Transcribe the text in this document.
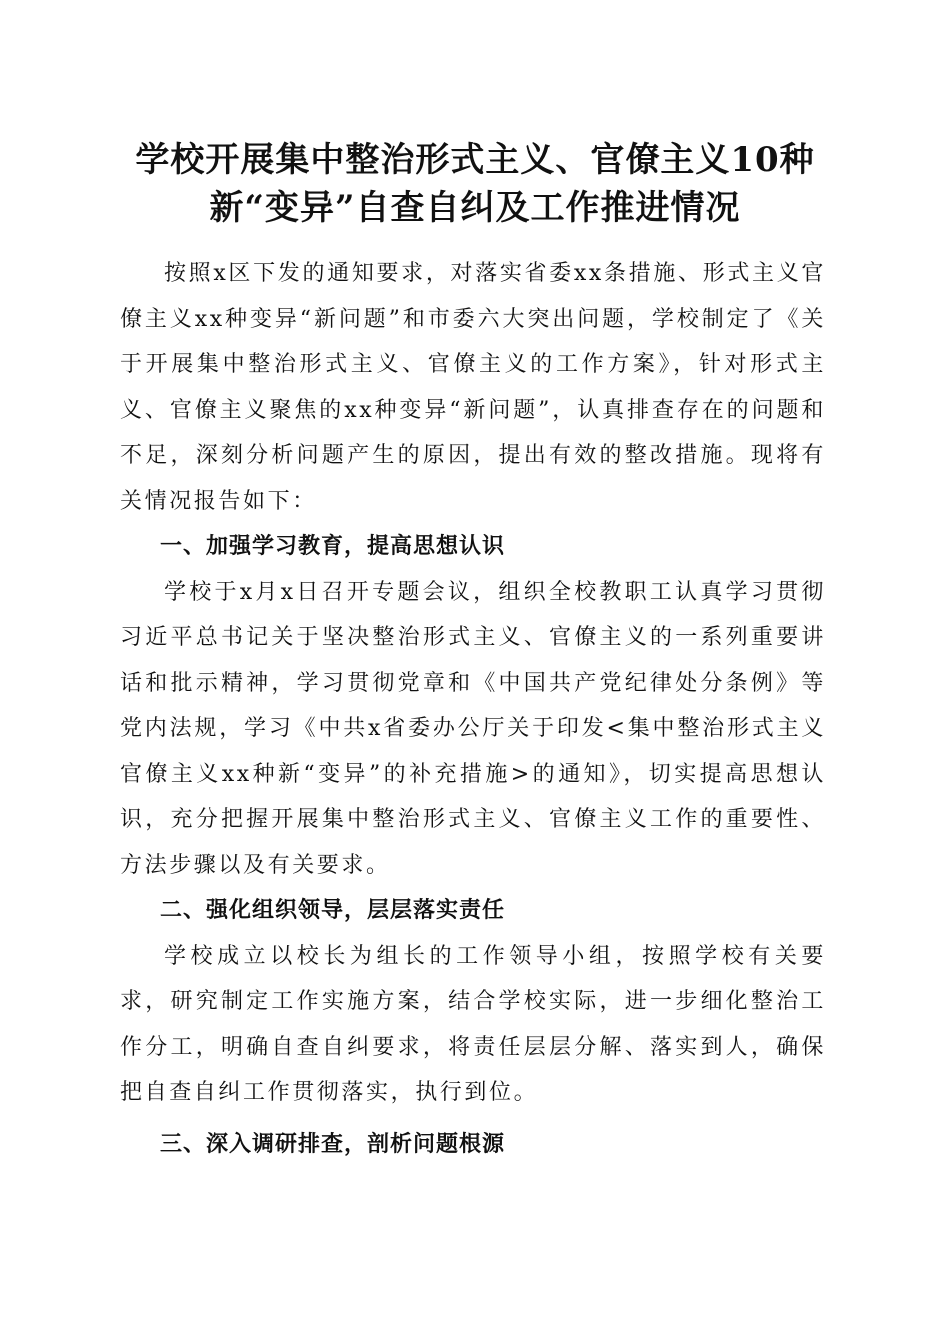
学校开展集中整治形式主义、官僚主义10种
新“变异”自查自纠及工作推进情况

按照x区下发的通知要求，对落实省委xx条措施、形式主义官僚主义xx种变异“新问题”和市委六大突出问题，学校制定了《关于开展集中整治形式主义、官僚主义的工作方案》，针对形式主义、官僚主义聚焦的xx种变异“新问题”，认真排查存在的问题和不足，深刻分析问题产生的原因，提出有效的整改措施。现将有关情况报告如下：

一、加强学习教育，提高思想认识

学校于x月x日召开专题会议，组织全校教职工认真学习贯彻习近平总书记关于坚决整治形式主义、官僚主义的一系列重要讲话和批示精神，学习贯彻党章和《中国共产党纪律处分条例》等党内法规，学习《中共x省委办公厅关于印发<集中整治形式主义官僚主义xx种新“变异”的补充措施>的通知》，切实提高思想认识，充分把握开展集中整治形式主义、官僚主义工作的重要性、方法步骤以及有关要求。

二、强化组织领导，层层落实责任

学校成立以校长为组长的工作领导小组，按照学校有关要求，研究制定工作实施方案，结合学校实际，进一步细化整治工作分工，明确自查自纠要求，将责任层层分解、落实到人，确保把自查自纠工作贯彻落实，执行到位。

三、深入调研排查，剖析问题根源
